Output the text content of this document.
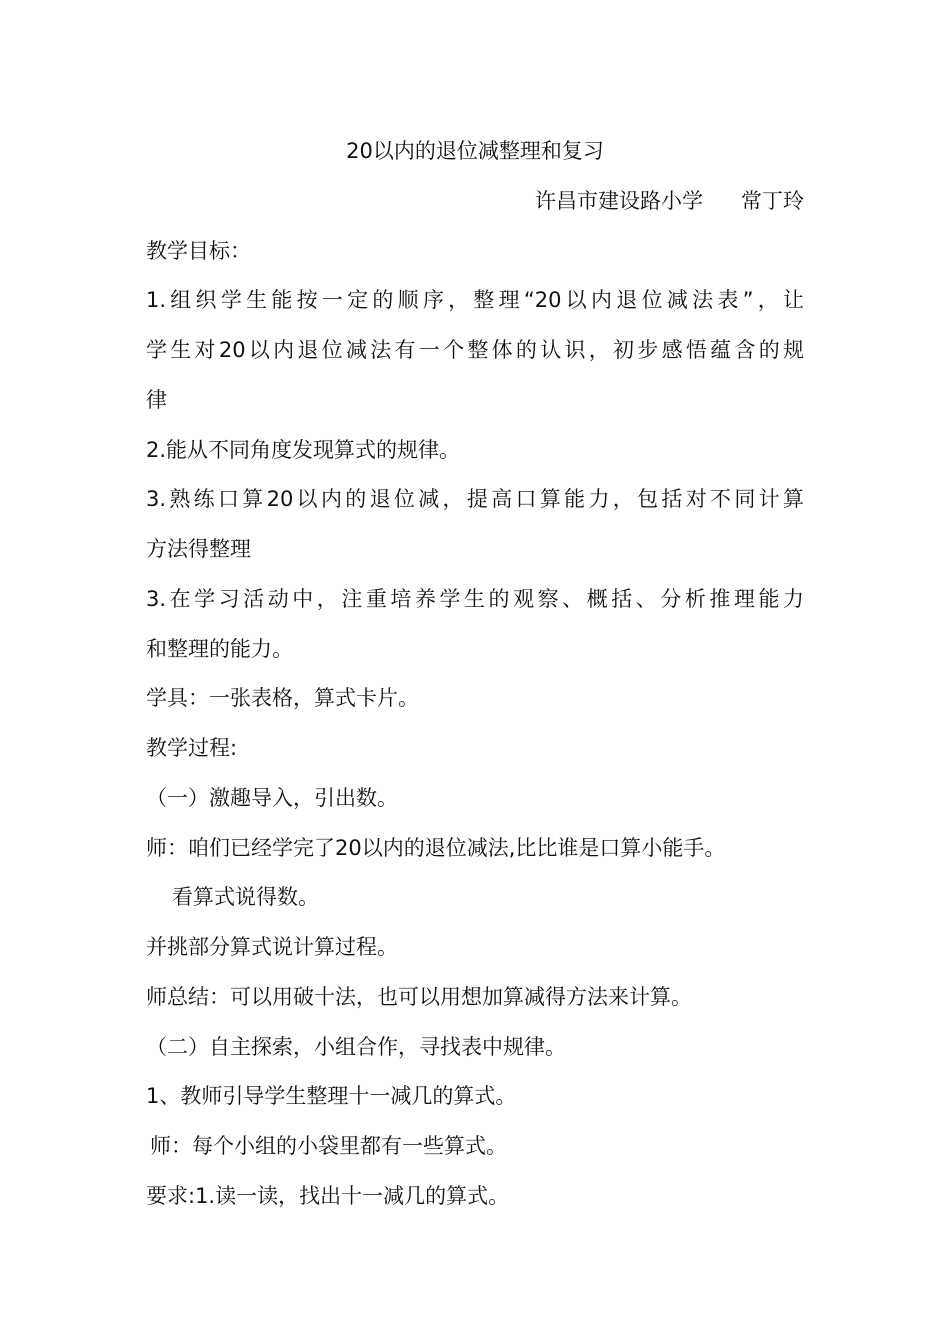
20以内的退位减整理和复习
许昌市建设路小学 常丁玲
教学目标：
1.组织学生能按一定的顺序，整理“20以内退位减法表”，让
学生对20以内退位减法有一个整体的认识，初步感悟蕴含的规
律
2.能从不同角度发现算式的规律。
3.熟练口算20以内的退位减，提高口算能力，包括对不同计算
方法得整理
3.在学习活动中，注重培养学生的观察、概括、分析推理能力
和整理的能力。
学具：一张表格，算式卡片。
教学过程:
（一）激趣导入，引出数。
师：咱们已经学完了20以内的退位减法,比比谁是口算小能手。
看算式说得数。
并挑部分算式说计算过程。
师总结：可以用破十法，也可以用想加算减得方法来计算。
（二）自主探索，小组合作，寻找表中规律。
1、教师引导学生整理十一减几的算式。
师：每个小组的小袋里都有一些算式。
要求:1.读一读，找出十一减几的算式。
